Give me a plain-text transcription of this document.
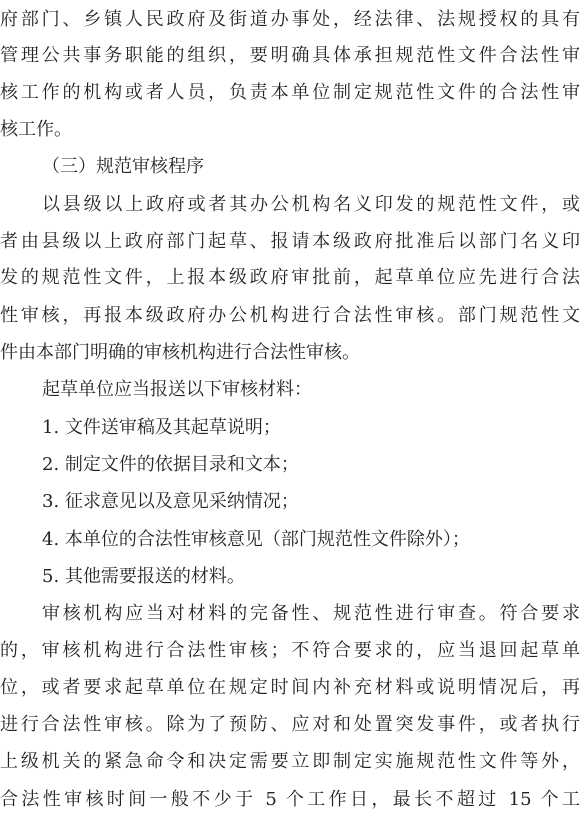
府部门、乡镇人民政府及街道办事处，经法律、法规授权的具有
管理公共事务职能的组织，要明确具体承担规范性文件合法性审
核工作的机构或者人员，负责本单位制定规范性文件的合法性审
核工作。
（三）规范审核程序
以县级以上政府或者其办公机构名义印发的规范性文件，或
者由县级以上政府部门起草、报请本级政府批准后以部门名义印
发的规范性文件，上报本级政府审批前，起草单位应先进行合法
性审核，再报本级政府办公机构进行合法性审核。部门规范性文
件由本部门明确的审核机构进行合法性审核。
起草单位应当报送以下审核材料：
1. 文件送审稿及其起草说明；
2. 制定文件的依据目录和文本；
3. 征求意见以及意见采纳情况；
4. 本单位的合法性审核意见（部门规范性文件除外）；
5. 其他需要报送的材料。
审核机构应当对材料的完备性、规范性进行审查。符合要求
的，审核机构进行合法性审核；不符合要求的，应当退回起草单
位，或者要求起草单位在规定时间内补充材料或说明情况后，再
进行合法性审核。除为了预防、应对和处置突发事件，或者执行
上级机关的紧急命令和决定需要立即制定实施规范性文件等外，
合法性审核时间一般不少于 5 个工作日，最长不超过 15 个工
